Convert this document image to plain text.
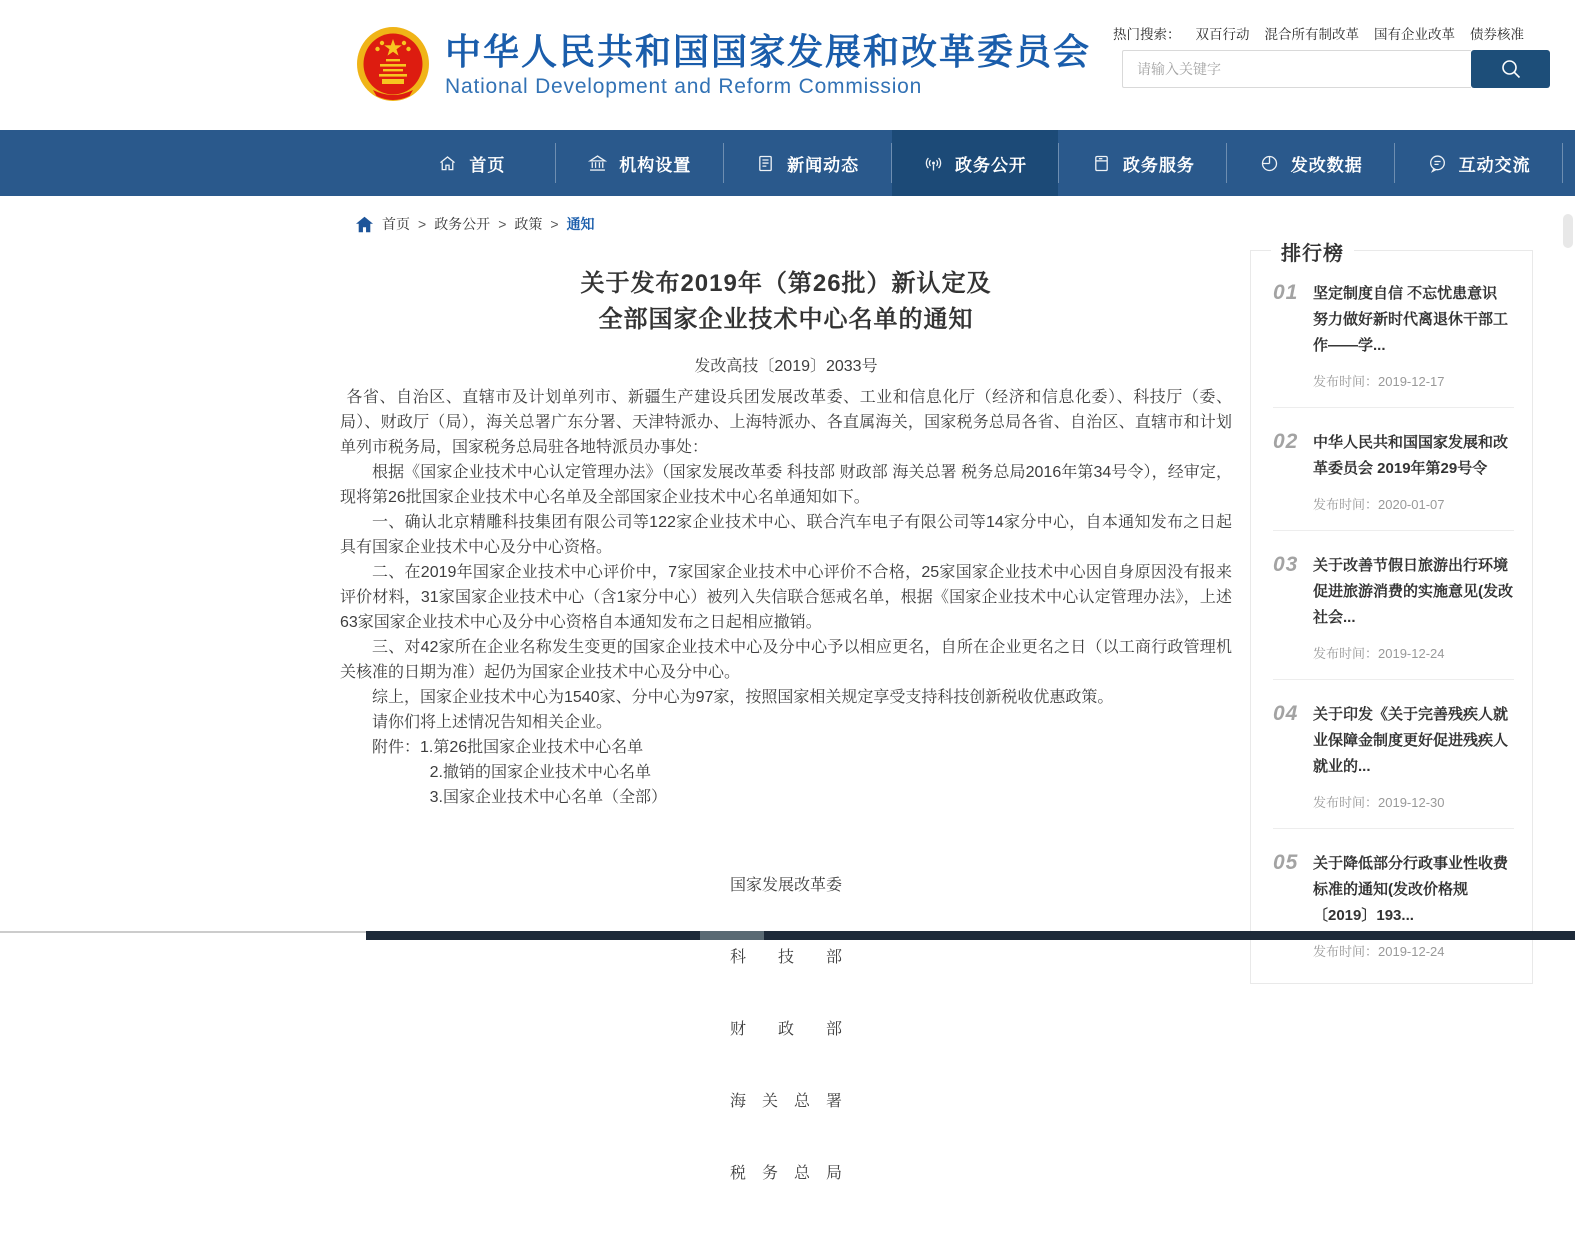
中华人民共和国国家发展和改革委员会
National Development and Reform Commission
热门搜索： 双百行动 混合所有制改革 国有企业改革 债券核准
请输入关键字
首页	机构设置	新闻动态	政务公开	政务服务	发改数据	互动交流
首页 > 政务公开 > 政策 > 通知
关于发布2019年（第26批）新认定及
全部国家企业技术中心名单的通知
发改高技〔2019〕2033号

各省、自治区、直辖市及计划单列市、新疆生产建设兵团发展改革委、工业和信息化厅（经济和信息化委）、科技厅（委、局）、财政厅（局），海关总署广东分署、天津特派办、上海特派办、各直属海关，国家税务总局各省、自治区、直辖市和计划单列市税务局，国家税务总局驻各地特派员办事处：

根据《国家企业技术中心认定管理办法》（国家发展改革委 科技部 财政部 海关总署 税务总局2016年第34号令），经审定，现将第26批国家企业技术中心名单及全部国家企业技术中心名单通知如下。

一、确认北京精雕科技集团有限公司等122家企业技术中心、联合汽车电子有限公司等14家分中心，自本通知发布之日起具有国家企业技术中心及分中心资格。

二、在2019年国家企业技术中心评价中，7家国家企业技术中心评价不合格，25家国家企业技术中心因自身原因没有报来评价材料，31家国家企业技术中心（含1家分中心）被列入失信联合惩戒名单，根据《国家企业技术中心认定管理办法》，上述63家国家企业技术中心及分中心资格自本通知发布之日起相应撤销。

三、对42家所在企业名称发生变更的国家企业技术中心及分中心予以相应更名，自所在企业更名之日（以工商行政管理机关核准的日期为准）起仍为国家企业技术中心及分中心。

综上，国家企业技术中心为1540家、分中心为97家，按照国家相关规定享受支持科技创新税收优惠政策。

请你们将上述情况告知相关企业。

附件：1.第26批国家企业技术中心名单

2.撤销的国家企业技术中心名单

3.国家企业技术中心名单（全部）

国家发展改革委

科　　技　　部

财　　政　　部

海　关　总　署

税　务　总　局

排行榜
01 坚定制度自信 不忘忧患意识 努力做好新时代离退休干部工作——学...
发布时间：2019-12-17
02 中华人民共和国国家发展和改革委员会 2019年第29号令
发布时间：2020-01-07
03 关于改善节假日旅游出行环境促进旅游消费的实施意见(发改社会...
发布时间：2019-12-24
04 关于印发《关于完善残疾人就业保障金制度更好促进残疾人就业的...
发布时间：2019-12-30
05 关于降低部分行政事业性收费标准的通知(发改价格规〔2019〕193...
发布时间：2019-12-24
